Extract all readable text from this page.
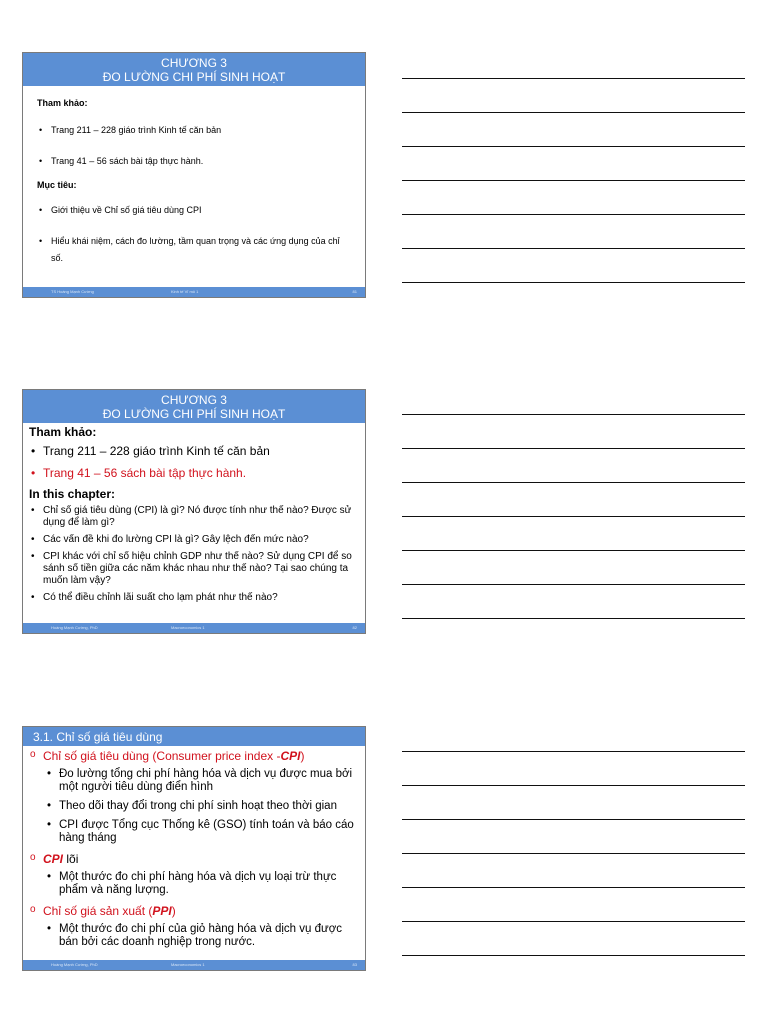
CHƯƠNG 3
ĐO LƯỜNG CHI PHÍ SINH HOẠT
Tham khảo:
• Trang 211 – 228 giáo trình Kinh tế căn bản
• Trang 41 – 56 sách bài tập thực hành.
Mục tiêu:
• Giới thiệu về Chỉ số giá tiêu dùng CPI
• Hiểu khái niệm, cách đo lường, tầm quan trọng và các ứng dụng của chỉ số.
TS Hoàng Mạnh Cường	Kinh tế Vĩ mô 1	81
CHƯƠNG 3
ĐO LƯỜNG CHI PHÍ SINH HOẠT
Tham khảo:
• Trang 211 – 228 giáo trình Kinh tế căn bản
• Trang 41 – 56 sách bài tập thực hành.
In this chapter:
• Chỉ số giá tiêu dùng (CPI) là gì? Nó được tính như thế nào? Được sử dụng để làm gì?
• Các vấn đề khi đo lường CPI là gì? Gây lệch đến mức nào?
• CPI khác với chỉ số hiệu chỉnh GDP như thế nào? Sử dụng CPI để so sánh số tiền giữa các năm khác nhau như thế nào? Tại sao chúng ta muốn làm vậy?
• Có thể điều chỉnh lãi suất cho lạm phát như thế nào?
Hoàng Mạnh Cường, PhD	Macroeconomics 1	82
3.1. Chỉ số giá tiêu dùng
o Chỉ số giá tiêu dùng (Consumer price index -CPI)
• Đo lường tổng chi phí hàng hóa và dịch vụ được mua bởi một người tiêu dùng điển hình
• Theo dõi thay đổi trong chi phí sinh hoạt theo thời gian
• CPI được Tổng cục Thống kê (GSO) tính toán và báo cáo hàng tháng
o CPI lõi
• Một thước đo chi phí hàng hóa và dịch vụ loại trừ thực phẩm và năng lượng.
o Chỉ số giá sản xuất (PPI)
• Một thước đo chi phí của giỏ hàng hóa và dịch vụ được bán bởi các doanh nghiệp trong nước.
Hoàng Mạnh Cường, PhD	Macroeconomics 1	83
